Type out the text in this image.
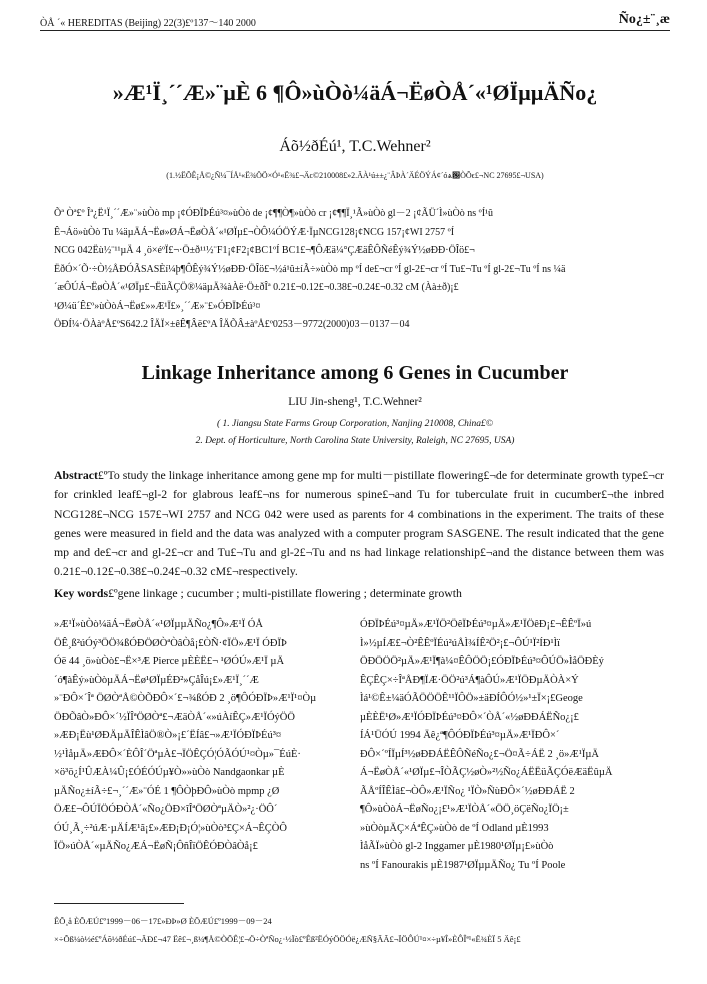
ÒÅ ´« HEREDITAS (Beijing) 22(3)£º137～140 2000	Ñо¿±¨¸æ
»Æ¹Ï¸´´Æ»¨µÈ 6 ¶Ô»ùÒò¼äÁ¬ËøÒÅ´«¹ØÏµµÄÑо¿
Áõ½ðÉú¹, T.C.Wehner²
(1.½ËÕÊ¡Å©¿Ñ¼¯ÍÅ¹«Ë¾ÖÖ×Ó¹«Ë¾£¬Äϲ©210008£»2.ÃÀ¹ú±±¿¨ÂÞÀ´ÄÉÖÝÁ¢´óѧ԰ÒÕϵ£¬NC 27695£¬USA)

Õª Òª£º Îª¿Ë¹Ï¸´´Æ»¨»ùÒò mp ¡¢ÓÐÏÞÉú³¤»ùÒò de ¡¢¶¶Ò¶»ùÒò cr ¡¢¶¶Ï¸¹Ã»ùÒò gl－2 ¡¢ÃÜ´Ì»ùÒò ns ºÍ¹û

Ê¬Áö»ùÒò Tu ¼äµÄÁ¬Ëø»ØÁ¬ËøÒÅ´«¹ØÏµ£¬ÒÔ¼ÓÖÝÆ·ÏµNCG128¡¢NCG 157¡¢WI 2757 ºÍ

NCG 042Ëù½¨¹¹µÄ 4 ¸ö×éºÏ£¬·Ö±ð¹¹½¨F1¡¢F2¡¢BC1ºÍ BC1£¬¶ÔÆä¼°ÇÆäÊÔÑéÊý¾Ý½øÐÐ·ÖÎö£¬

ËðÓ×´Õ·÷Ò½ÅÐÓÃSASÈí¼þ¶ÔÊý¾Ý½øÐÐ·ÖÎö£¬½á¹û±íÃ÷»ùÒò mp ºÍ de£¬cr ºÍ gl-2£¬cr ºÍ Tu£¬Tu ºÍ gl-2£¬Tu ºÍ ns ¼ä

´æÔÚÁ¬ËøÒÅ´«¹ØÏµ£¬ËüÃÇÖ®¼äµÄ¾àÀë·Ö±ðÎª 0.21£¬0.12£¬0.38£¬0.24£¬0.32 cM (Àà±ð)¡£

¹Ø¼ü´Ê£º»ùÒòÁ¬Ëø£»»Æ¹Ï£»¸´´Æ»¨£»ÓÐÏÞÉú³¤

ÖÐÍ¼·ÖÀàºÅ£ºS642.2 ÎÄÏ×±êÊ¶Âë£ºA ÎÄÕÂ±àºÅ£º0253－9772(2000)03－0137－04

Linkage Inheritance among 6 Genes in Cucumber
LIU Jin-sheng¹, T.C.Wehner²
( 1. Jiangsu State Farms Group Corporation, Nanjing 210008, China£©
2. Dept. of Horticulture, North Carolina State University, Raleigh, NC 27695, USA)
Abstract£ºTo study the linkage inheritance among gene mp for multi－pistillate flowering£¬de for determinate growth type£¬cr for crinkled leaf£¬gl-2 for glabrous leaf£¬ns for numerous spine£¬and Tu for tuberculate fruit in cucumber£¬the inbred NCG128£¬NCG 157£¬WI 2757 and NCG 042 were used as parents for 4 combinations in the experiment. The traits of these genes were measured in field and the data was analyzed with a computer program SASGENE. The result indicated that the gene mp and de£¬cr and gl-2£¬cr and Tu£¬Tu and gl-2£¬Tu and ns had linkage relationship£¬and the distance between them was 0.21£¬0.12£¬0.38£¬0.24£¬0.32 cM£¬respectively.
Key words£ºgene linkage ; cucumber ; multi-pistillate flowering ; determinate growth

»Æ¹Ï»ùÒò¼äÁ¬ËøÒÅ´«¹ØÏµµÄÑо¿¶Ô»Æ¹Ï ÓÅ

ÖÊ¸ß²úÓý³ÖÖ¾ßÓÐÖØÒªÒâÒå¡£ÒÑ·¢ÏÖ»Æ¹Ï ÓÐÏÞ

Óë 44 ¸ö»ùÒò£¬Ë×³Æ Pierce µÈÈË£¬ ¹ØÓÚ»Æ¹Ï µÄ

´ó¶àÊý»ùÒòµÄÁ¬Ëø¹ØÏµÉÐ²»ÇåÎú¡£»Æ¹Ï¸´´Æ

»¨ÐÔ×´Îª ÖØÒªÅ©ÒÕÐÔ×´£¬¾ßÓÐ 2 ¸ö¶ÔÓÐÏÞ»Æ¹Ï¹¤Òµ

ÖÐÕâÒ»ÐÔ×´½ÏÎªÖØÒª£¬ÆäÒÅ´«»úÀíÊÇ»Æ¹ÏÓýÖÖ

»ÆÐ¡Ëù¹ØÐÄµÄÎÊÌâÖ®Ò»¡£´ËÍâ£¬»Æ¹ÏÓÐÏÞÉú³¤

½¹ÌåµÄ»ÆÐÔ×´ÈÔÎ´ÖªµÀ£¬ÏÖÊÇÓ¦ÓÃÓÚ¹¤Òµ»¯ÉúÈ·

×ö³ö¿Í¹ÛÆÀ¼Û¡£ÓÉÓÚµ¥Ò»»ùÒò Nandgaonkar µÈ

µÄÑо¿±íÃ÷£¬¸´´Æ»¨ÓÉ 1 ¶ÔÒþÐÔ»ùÒò mpmp ¿Ø

ÖÆ£¬ÔÚÏÖÓÐÒÅ´«Ñо¿ÖÐ×îÎªÖØÒªµÄÒ»²¿·ÖÔ´

ÓÚ¸Ã¸÷²úÆ·µÄÍÆ¹ã¡£»ÆÐ¡Ð¡Ó¦»ùÒò³£Ç×Á¬ÊÇÒÔ

ÏÖ»úÒÅ´«µÄÑо¿ÆÁ¬ËøÑ¡ÔñÎïÖÊÓÐÒâÒå¡£

ÓÐÏÞÉú³¤µÄ»Æ¹ÏÖ²ÖêÏÞÉú³¤µÄ»Æ¹ÏÖêÐ¡£¬ÊÊºÏ»ú

Ì»½µÍÆ£¬Ò²ÊÊºÏÉú²úÅÌ¾ÍÊ²Ö²¡£¬ÔÚ¹Ï²ÍÐ¹Ìï

ÖÐÖÖÖ²µÄ»Æ¹Ï¶à¼¤ÊÔÖÖ¡£ÓÐÏÞÉú³¤ÔÚÖ»ÌåÖÐÈý

ÊÇÊÇ×÷ÎªÅÐ¶ÏÆ·ÖÖ²ú³Á¶àÔÚ»Æ¹ÏÖÐµÄÒÀ×Ý

Ìá¹©Ê±¼äÓÃÖÖÖÊ¹¹ÏÔÖ»±äÐÍÔÓ½»¹±Ï×¡£Geoge

µÈÈË¹Ø»Æ¹ÏÓÐÏÞÉú³¤ÐÔ×´ÒÅ´«½øÐÐÁËÑо¿¡£

ÍÁ¹ÜÓÚ 1994 Äê¿ª¶ÔÓÐÏÞÉú³¤µÄ»Æ¹ÏÐÔ×´

ÐÔ×´ºÍÏµÍ³½øÐÐÁËÊÔÑéÑо¿£¬Ö¤Ã÷ÁË 2 ¸ö»Æ¹ÏµÄ

Á¬ËøÒÅ´«¹ØÏµ£¬ÎÒÃÇ½øÒ»²½Ñо¿ÁËËüÃÇÓëÆäËûµÄ

ÃÅºÍÎÊÌâ£¬ÒÔ»Æ¹ÏÑо¿ ¹ÏÒ»ÑùÐÔ×´½øÐÐÁË 2

¶Ô»ùÒòÁ¬ËøÑо¿¡£¹»Æ¹ÏÒÅ´«ÖÖ¸öÇëÑо¿ÏÖ¡±

»ùÒòµÄÇ×ÁªÊÇ»ùÒò de ºÍ Odland µÈ1993

ÌåÃÏ»ùÒò gl-2 Inggamer µÈ1980¹ØÏµ¡£»ùÒò

ns ºÍ Fanourakis µÈ1987¹ØÏµµÄÑо¿ Tu ºÍ Poole

ÊÕ¸å ÈÕÆÚ£º1999－06－17£»ÐÞ»Ø ÈÕÆÚ£º1999－09－24

×÷Õß¼ò½é£ºÁõ½ðÉú£¬ÄÐ£¬47 Ëê£¬¸ß¼¶Å©ÒÕÊ¦£¬Ö÷ÒªÑо¿·½Ïò£ºÊß²ËÓýÖÖÓë¿ÆÑ§ÃÃ£¬ÏÖÔÚ¹¤×÷µ¥Î»ÈÔÎª¹«Ë¾ÈÏ 5 Äê¡£
